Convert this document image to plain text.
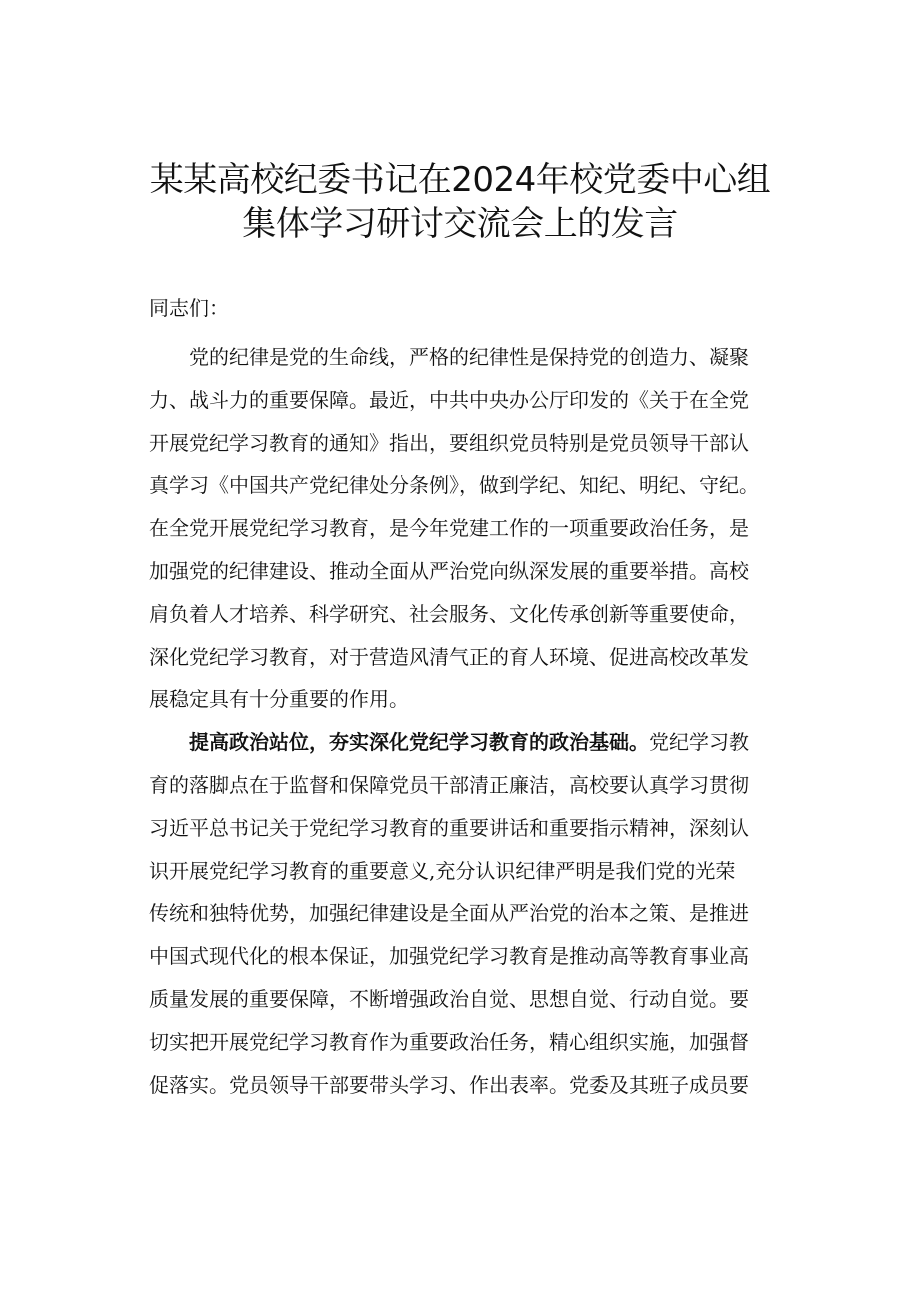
某某高校纪委书记在2024年校党委中心组
集体学习研讨交流会上的发言
同志们：

党的纪律是党的生命线，严格的纪律性是保持党的创造力、凝聚
力、战斗力的重要保障。最近，中共中央办公厅印发的《关于在全党
开展党纪学习教育的通知》指出，要组织党员特别是党员领导干部认
真学习《中国共产党纪律处分条例》，做到学纪、知纪、明纪、守纪。
在全党开展党纪学习教育，是今年党建工作的一项重要政治任务，是
加强党的纪律建设、推动全面从严治党向纵深发展的重要举措。高校
肩负着人才培养、科学研究、社会服务、文化传承创新等重要使命，
深化党纪学习教育，对于营造风清气正的育人环境、促进高校改革发
展稳定具有十分重要的作用。

提高政治站位，夯实深化党纪学习教育的政治基础。党纪学习教
育的落脚点在于监督和保障党员干部清正廉洁，高校要认真学习贯彻
习近平总书记关于党纪学习教育的重要讲话和重要指示精神，深刻认
识开展党纪学习教育的重要意义,充分认识纪律严明是我们党的光荣
传统和独特优势，加强纪律建设是全面从严治党的治本之策、是推进
中国式现代化的根本保证，加强党纪学习教育是推动高等教育事业高
质量发展的重要保障，不断增强政治自觉、思想自觉、行动自觉。要
切实把开展党纪学习教育作为重要政治任务，精心组织实施，加强督
促落实。党员领导干部要带头学习、作出表率。党委及其班子成员要
